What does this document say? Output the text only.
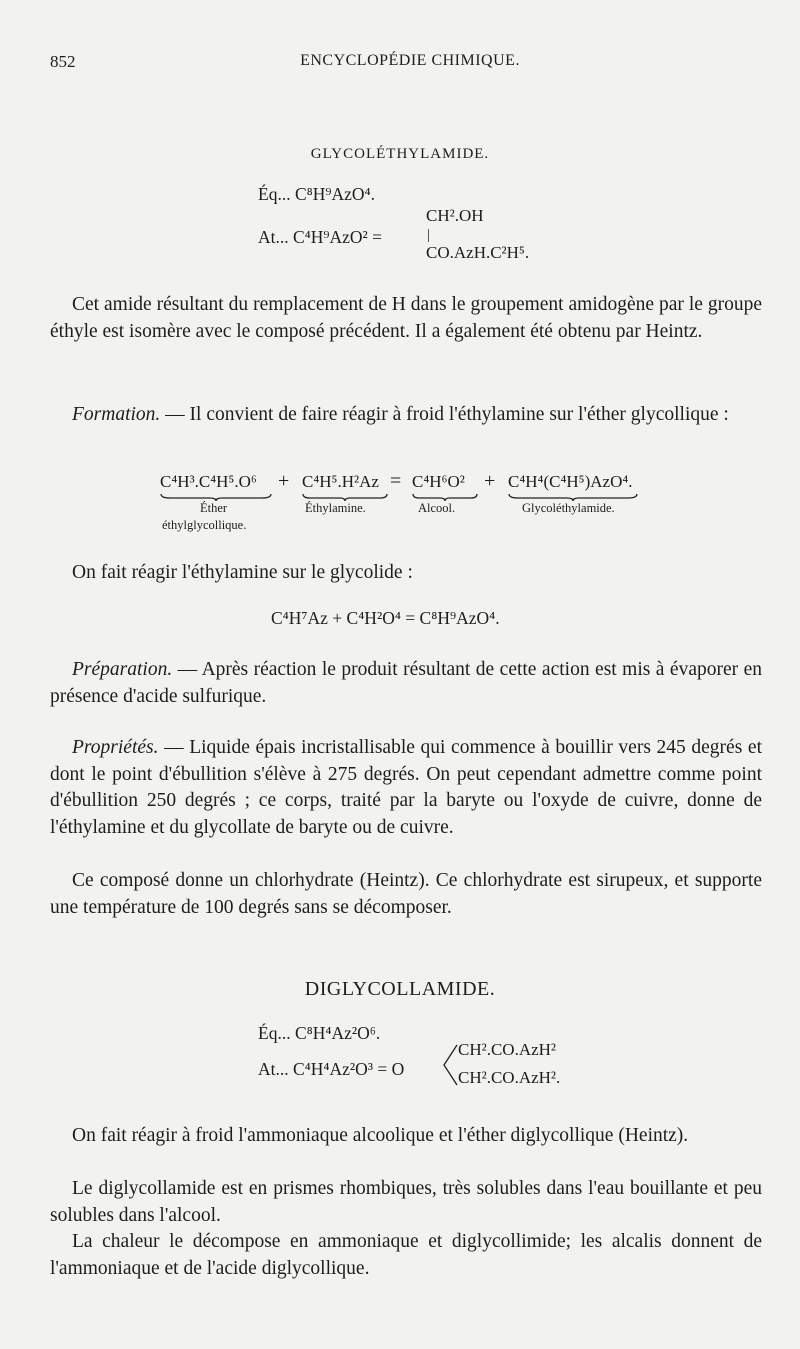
852	ENCYCLOPÉDIE CHIMIQUE.
GLYCOLÉTHYLAMIDE.
Éq... C⁸H⁹AzO⁴.
CH².OH
At... C⁴H⁹AzO² =	|
CO.AzH.C²H⁵.
Cet amide résultant du remplacement de H dans le groupement amidogène par le groupe éthyle est isomère avec le composé précédent. Il a également été obtenu par Heintz.
Formation. — Il convient de faire réagir à froid l'éthylamine sur l'éther glycollique :
C⁴H³.C⁴H⁵.O⁶ + C⁴H⁵.H²Az = C⁴H⁶O² + C⁴H⁴(C⁴H⁵)AzO⁴.
Éther
éthylglycollique.
Éthylamine.	Alcool.	Glycoléthylamide.
On fait réagir l'éthylamine sur le glycolide :
C⁴H⁷Az + C⁴H²O⁴ = C⁸H⁹AzO⁴.
Préparation. — Après réaction le produit résultant de cette action est mis à évaporer en présence d'acide sulfurique.
Propriétés. — Liquide épais incristallisable qui commence à bouillir vers 245 degrés et dont le point d'ébullition s'élève à 275 degrés. On peut cependant admettre comme point d'ébullition 250 degrés ; ce corps, traité par la baryte ou l'oxyde de cuivre, donne de l'éthylamine et du glycollate de baryte ou de cuivre.
Ce composé donne un chlorhydrate (Heintz). Ce chlorhydrate est sirupeux, et supporte une température de 100 degrés sans se décomposer.
DIGLYCOLLAMIDE.
Éq... C⁸H⁴Az²O⁶.
At... C⁴H⁴Az²O³ = O
CH².CO.AzH²
CH².CO.AzH².
On fait réagir à froid l'ammoniaque alcoolique et l'éther diglycollique (Heintz).
Le diglycollamide est en prismes rhombiques, très solubles dans l'eau bouillante et peu solubles dans l'alcool.
La chaleur le décompose en ammoniaque et diglycollimide; les alcalis donnent de l'ammoniaque et de l'acide diglycollique.
